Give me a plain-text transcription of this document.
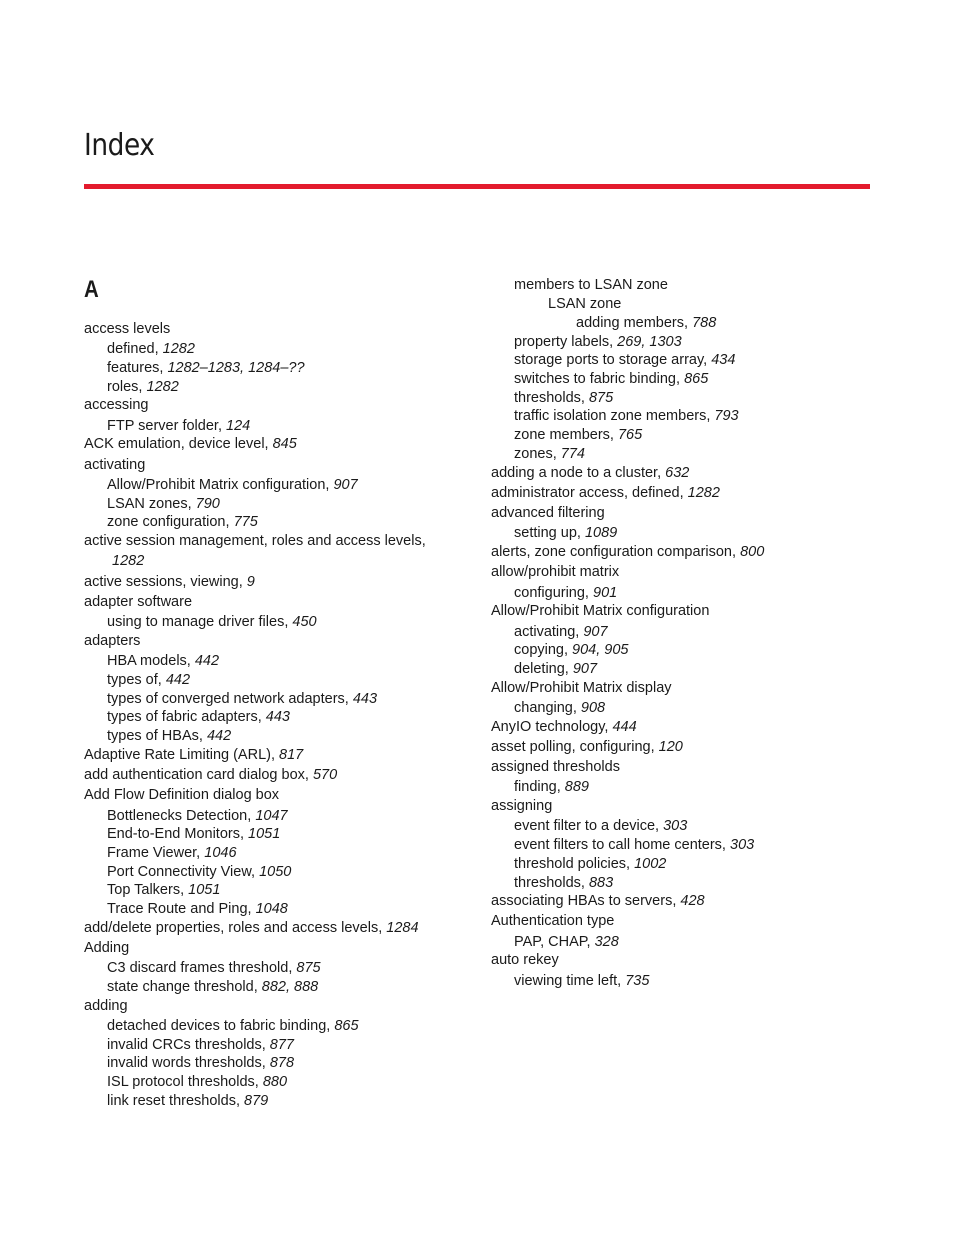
Index
A
access levels
defined, 1282
features, 1282–1283, 1284–??
roles, 1282
accessing
FTP server folder, 124
ACK emulation, device level, 845
activating
Allow/Prohibit Matrix configuration, 907
LSAN zones, 790
zone configuration, 775
active session management, roles and access levels,
1282
active sessions, viewing, 9
adapter software
using to manage driver files, 450
adapters
HBA models, 442
types of, 442
types of converged network adapters, 443
types of fabric adapters, 443
types of HBAs, 442
Adaptive Rate Limiting (ARL), 817
add authentication card dialog box, 570
Add Flow Definition dialog box
Bottlenecks Detection, 1047
End-to-End Monitors, 1051
Frame Viewer, 1046
Port Connectivity View, 1050
Top Talkers, 1051
Trace Route and Ping, 1048
add/delete properties, roles and access levels, 1284
Adding
C3 discard frames threshold, 875
state change threshold, 882, 888
adding
detached devices to fabric binding, 865
invalid CRCs thresholds, 877
invalid words thresholds, 878
ISL protocol thresholds, 880
link reset thresholds, 879
members to LSAN zone
LSAN zone
adding members, 788
property labels, 269, 1303
storage ports to storage array, 434
switches to fabric binding, 865
thresholds, 875
traffic isolation zone members, 793
zone members, 765
zones, 774
adding a node to a cluster, 632
administrator access, defined, 1282
advanced filtering
setting up, 1089
alerts, zone configuration comparison, 800
allow/prohibit matrix
configuring, 901
Allow/Prohibit Matrix configuration
activating, 907
copying, 904, 905
deleting, 907
Allow/Prohibit Matrix display
changing, 908
AnyIO technology, 444
asset polling, configuring, 120
assigned thresholds
finding, 889
assigning
event filter to a device, 303
event filters to call home centers, 303
threshold policies, 1002
thresholds, 883
associating HBAs to servers, 428
Authentication type
PAP, CHAP, 328
auto rekey
viewing time left, 735
